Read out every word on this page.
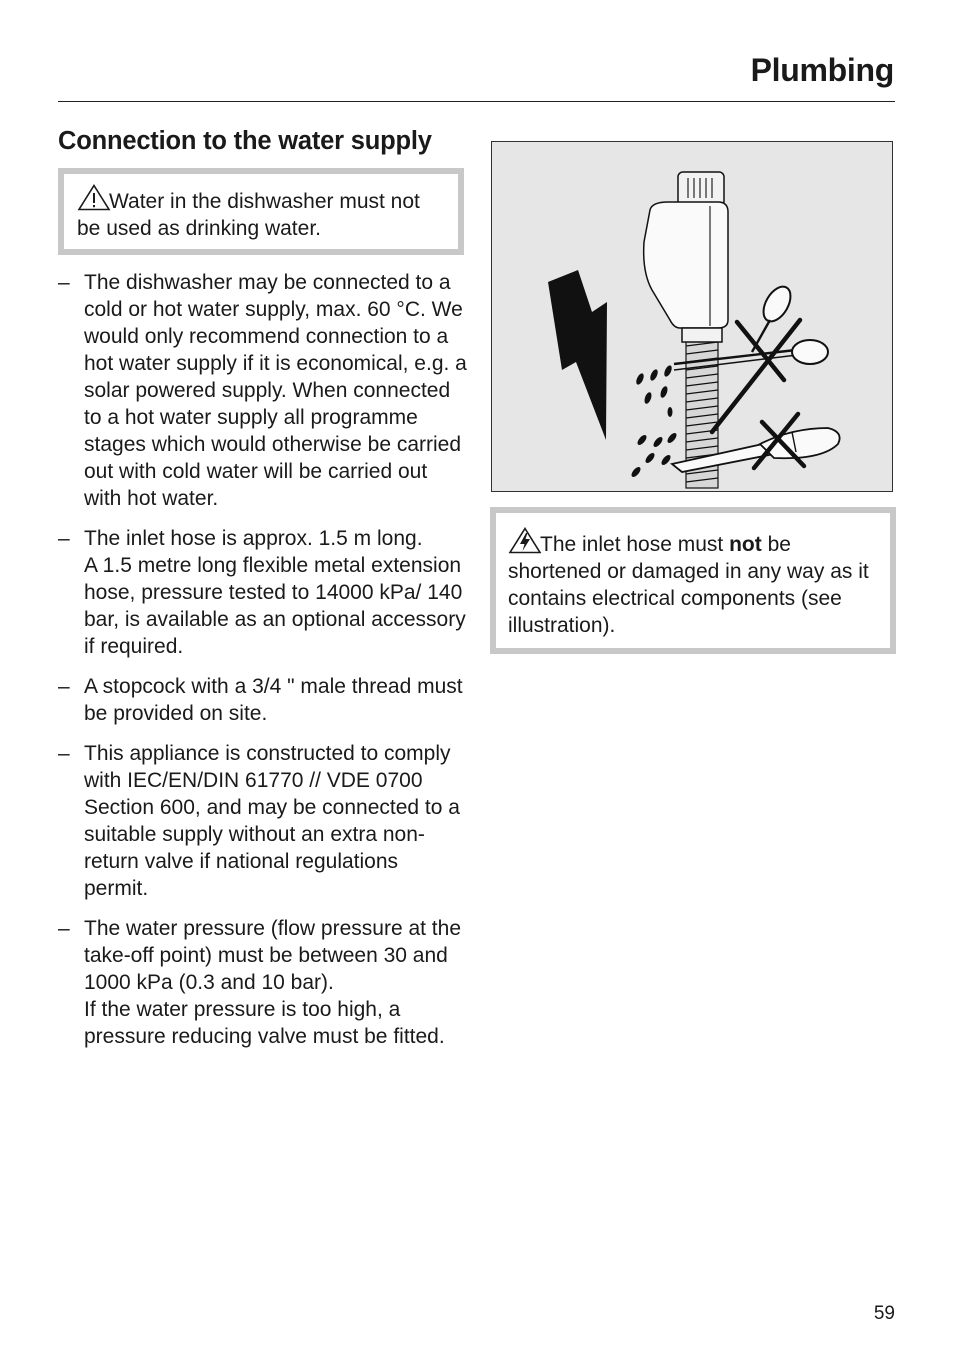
Plumbing
Connection to the water supply
Water in the dishwasher must not be used as drinking water.
– The dishwasher may be connected to a cold or hot water supply, max. 60 °C. We would only recommend connection to a hot water supply if it is economical, e.g. a solar powered supply. When connected to a hot water supply all programme stages which would otherwise be carried out with cold water will be carried out with hot water.
– The inlet hose is approx. 1.5 m long.
A 1.5 metre long flexible metal extension hose, pressure tested to 14000 kPa/ 140 bar, is available as an optional accessory if required.
– A stopcock with a 3/4 " male thread must be provided on site.
– This appliance is constructed to comply with IEC/EN/DIN 61770 // VDE 0700 Section 600, and may be connected to a suitable supply without an extra non-return valve if national regulations permit.
– The water pressure (flow pressure at the take-off point) must be between 30 and 1000 kPa (0.3 and 10 bar).
If the water pressure is too high, a pressure reducing valve must be fitted.
The inlet hose must not be shortened or damaged in any way as it contains electrical components (see illustration).
59
